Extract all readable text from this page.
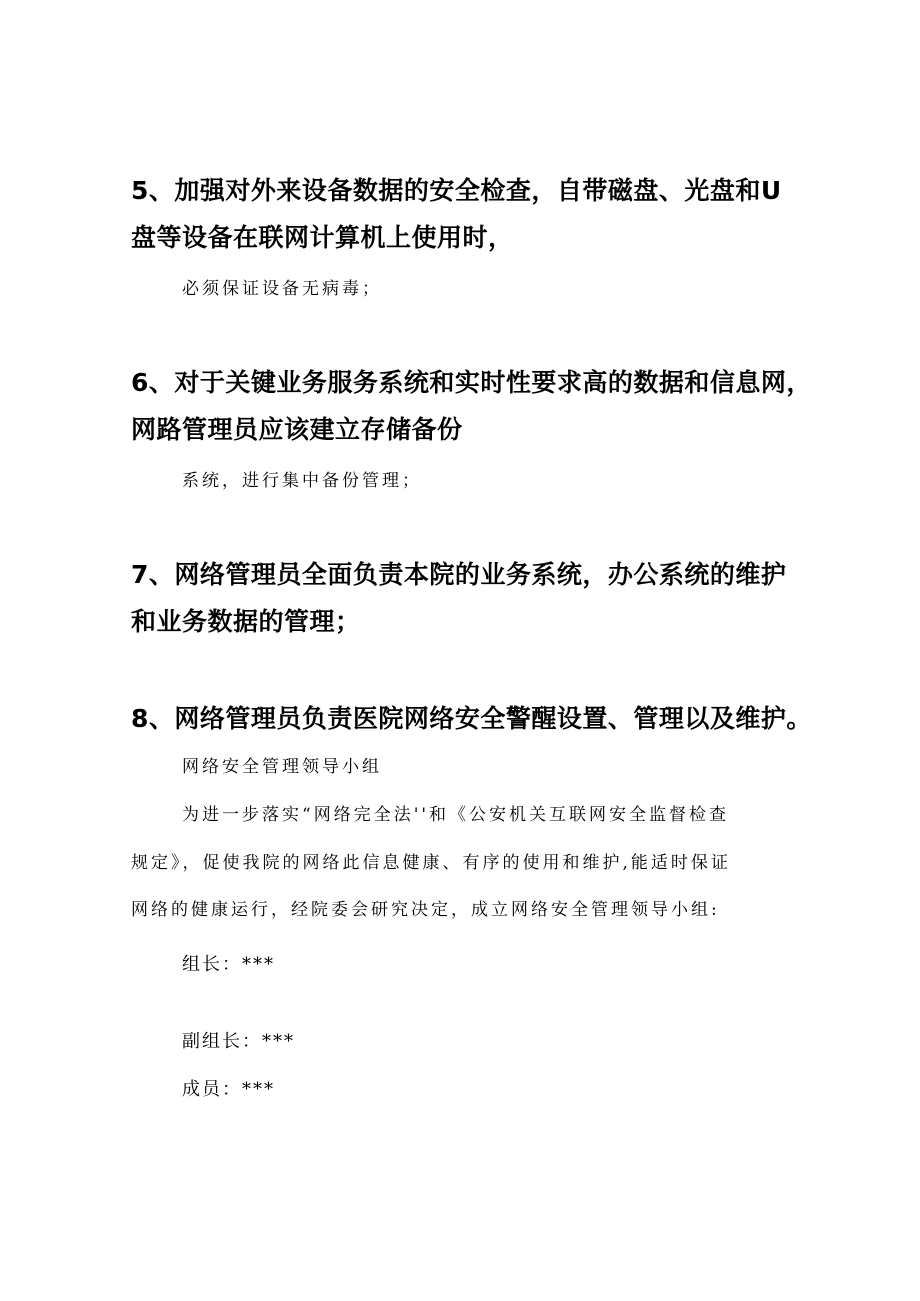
5、加强对外来设备数据的安全检查，自带磁盘、光盘和U

盘等设备在联网计算机上使用时，

必须保证设备无病毒；

6、对于关键业务服务系统和实时性要求高的数据和信息网，

网路管理员应该建立存储备份

系统，进行集中备份管理；

7、网络管理员全面负责本院的业务系统，办公系统的维护

和业务数据的管理；

8、网络管理员负责医院网络安全警醒设置、管理以及维护。

网络安全管理领导小组

为进一步落实“网络完全法''和《公安机关互联网安全监督检查

规定》，促使我院的网络此信息健康、有序的使用和维护,能适时保证

网络的健康运行，经院委会研究决定，成立网络安全管理领导小组:

组长：***

副组长：***

成员：***
